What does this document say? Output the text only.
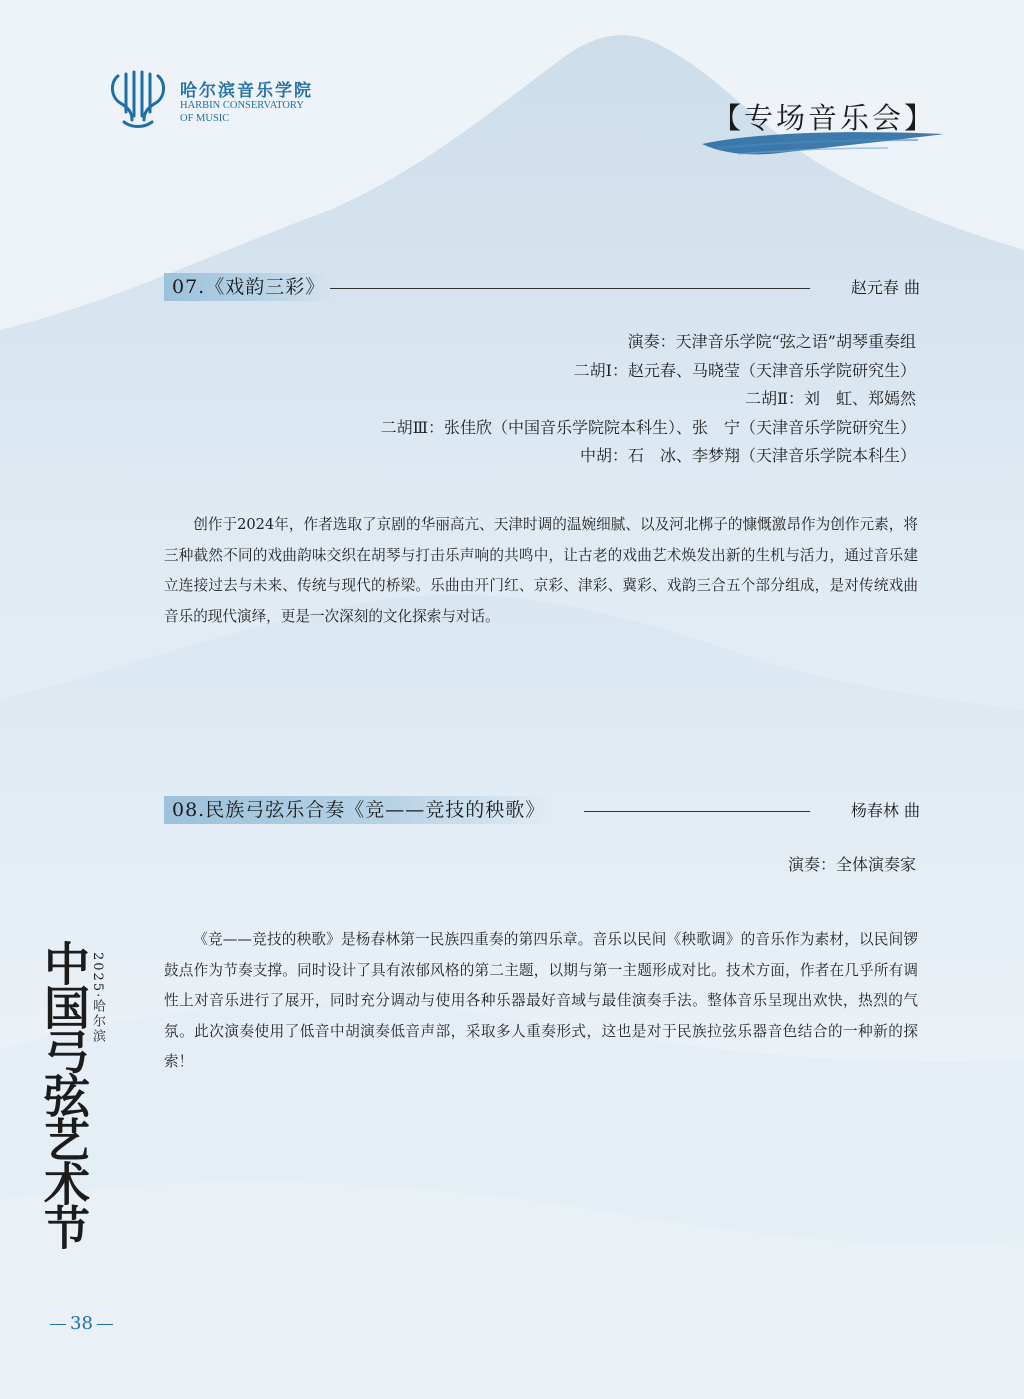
哈尔滨音乐学院
HARBIN CONSERVATORY
OF MUSIC	【专场音乐会】
07.《戏韵三彩》	赵元春 曲
演奏：天津音乐学院“弦之语”胡琴重奏组
二胡Ⅰ：赵元春、马晓莹（天津音乐学院研究生）
二胡Ⅱ：刘　虹、郑嫣然
二胡Ⅲ：张佳欣（中国音乐学院院本科生）、张　宁（天津音乐学院研究生）
中胡：石　冰、李梦翔（天津音乐学院本科生）

创作于2024年，作者选取了京剧的华丽高亢、天津时调的温婉细腻、以及河北梆子的慷慨激昂作为创作元素，将三种截然不同的戏曲韵味交织在胡琴与打击乐声响的共鸣中，让古老的戏曲艺术焕发出新的生机与活力，通过音乐建立连接过去与未来、传统与现代的桥梁。乐曲由开门红、京彩、津彩、冀彩、戏韵三合五个部分组成，是对传统戏曲音乐的现代演绎，更是一次深刻的文化探索与对话。

08.民族弓弦乐合奏《竞——竞技的秧歌》	杨春林 曲
演奏：全体演奏家

《竞——竞技的秧歌》是杨春林第一民族四重奏的第四乐章。音乐以民间《秧歌调》的音乐作为素材，以民间锣鼓点作为节奏支撑。同时设计了具有浓郁风格的第二主题，以期与第一主题形成对比。技术方面，作者在几乎所有调性上对音乐进行了展开，同时充分调动与使用各种乐器最好音域与最佳演奏手法。整体音乐呈现出欢快，热烈的气氛。此次演奏使用了低音中胡演奏低音声部，采取多人重奏形式，这也是对于民族拉弦乐器音色结合的一种新的探索！

2025·哈尔滨
中国弓弦艺术节
38
